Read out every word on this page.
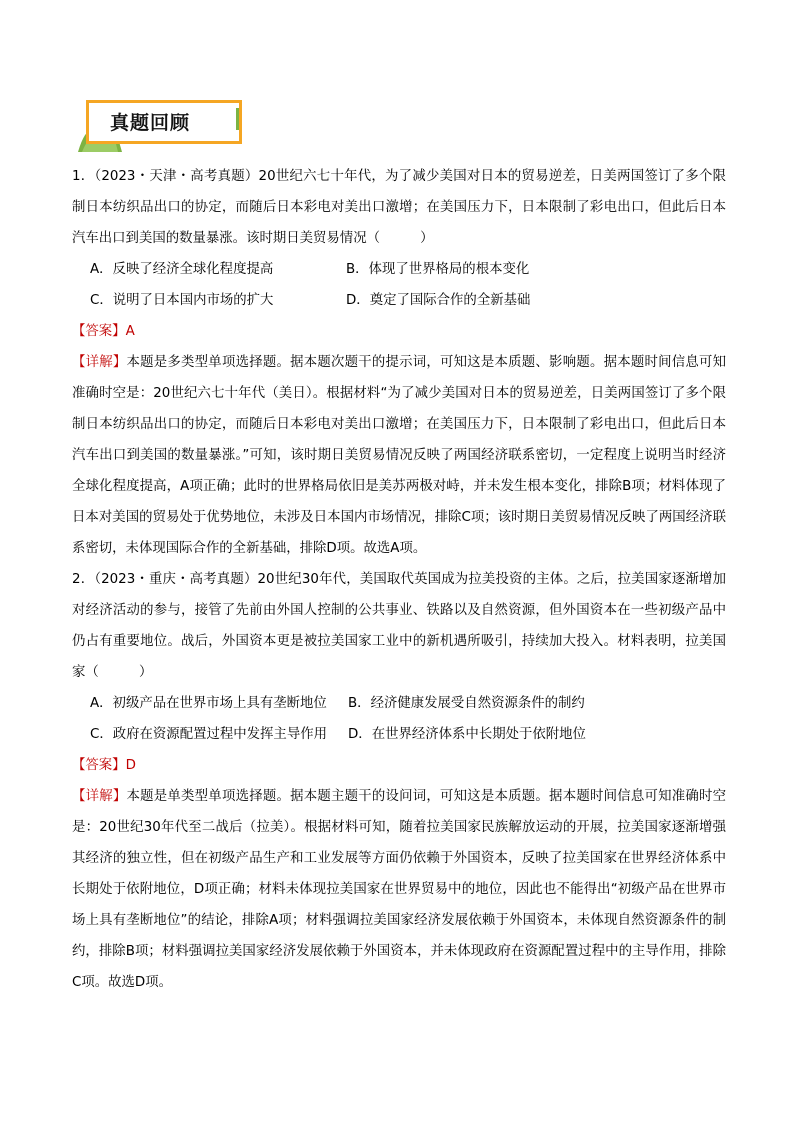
真题回顾
1．（2023・天津・高考真题）20世纪六七十年代，为了减少美国对日本的贸易逆差，日美两国签订了多个限制日本纺织品出口的协定，而随后日本彩电对美出口激增；在美国压力下，日本限制了彩电出口，但此后日本汽车出口到美国的数量暴涨。该时期日美贸易情况（　　　）
A．反映了经济全球化程度提高	B．体现了世界格局的根本变化
C．说明了日本国内市场的扩大	D．奠定了国际合作的全新基础
【答案】A
【详解】本题是多类型单项选择题。据本题次题干的提示词，可知这是本质题、影响题。据本题时间信息可知准确时空是：20世纪六七十年代（美日）。根据材料“为了减少美国对日本的贸易逆差，日美两国签订了多个限制日本纺织品出口的协定，而随后日本彩电对美出口激增；在美国压力下，日本限制了彩电出口，但此后日本汽车出口到美国的数量暴涨。”可知，该时期日美贸易情况反映了两国经济联系密切，一定程度上说明当时经济全球化程度提高，A项正确；此时的世界格局依旧是美苏两极对峙，并未发生根本变化，排除B项；材料体现了日本对美国的贸易处于优势地位，未涉及日本国内市场情况，排除C项；该时期日美贸易情况反映了两国经济联系密切，未体现国际合作的全新基础，排除D项。故选A项。
2．（2023・重庆・高考真题）20世纪30年代，美国取代英国成为拉美投资的主体。之后，拉美国家逐渐增加对经济活动的参与，接管了先前由外国人控制的公共事业、铁路以及自然资源，但外国资本在一些初级产品中仍占有重要地位。战后，外国资本更是被拉美国家工业中的新机遇所吸引，持续加大投入。材料表明，拉美国家（　　　）
A．初级产品在世界市场上具有垄断地位	B．经济健康发展受自然资源条件的制约
C．政府在资源配置过程中发挥主导作用	D．在世界经济体系中长期处于依附地位
【答案】D
【详解】本题是单类型单项选择题。据本题主题干的设问词，可知这是本质题。据本题时间信息可知准确时空是：20世纪30年代至二战后（拉美）。根据材料可知，随着拉美国家民族解放运动的开展，拉美国家逐渐增强其经济的独立性，但在初级产品生产和工业发展等方面仍依赖于外国资本，反映了拉美国家在世界经济体系中长期处于依附地位，D项正确；材料未体现拉美国家在世界贸易中的地位，因此也不能得出“初级产品在世界市场上具有垄断地位”的结论，排除A项；材料强调拉美国家经济发展依赖于外国资本，未体现自然资源条件的制约，排除B项；材料强调拉美国家经济发展依赖于外国资本，并未体现政府在资源配置过程中的主导作用，排除C项。故选D项。
